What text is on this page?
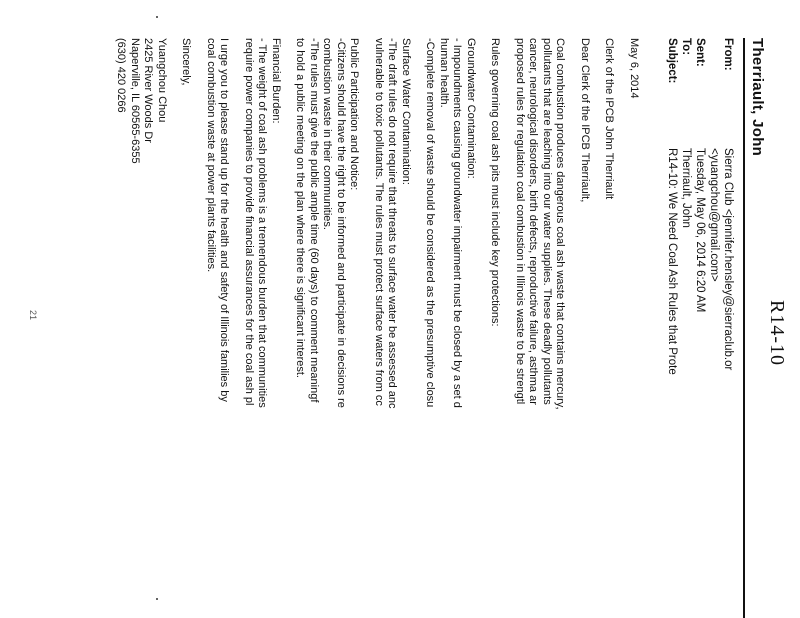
Therriault, John
R14-10
From:Sierra Club <jennifer.hensley@sierraclub.or
<yuangchou@gmail.com>
Sent:Tuesday, May 06, 2014 6:20 AM
To:Therriault, John
Subject:R14-10: We Need Coal Ash Rules that Prote

May 6, 2014

Clerk of the IPCB John Therriault

Dear Clerk of the IPCB Therriault,

Coal combustion produces dangerous coal ash waste that contains mercury,
pollutants that are leaching into our water supplies. These deadly pollutants
cancer, neurological disorders, birth defects, reproductive failure, asthma ar
proposed rules for regulation coal combustion in Illinois waste to be strengtl

Rules governing coal ash pits must include key protections:

Groundwater Contamination:
- Impoundments causing groundwater impairment must be closed by a set d
human health.
-Complete removal of waste should be considered as the presumptive closu

Surface Water Contamination:
-The draft rules do not require that threats to surface water be assessed anc
vulnerable to toxic pollutants. The rules must protect surface waters from cc

Public Participation and Notice:
-Citizens should have the right to be informed and participate in decisions re
combustion waste in their communities.
-The rules must give the public ample time (60 days) to comment meaningf
to hold a public meeting on the plan where there is significant interest.

Financial Burden:
- The weight of coal ash problems is a tremendous burden that communities
require power companies to provide financial assurances for the coal ash pl

I urge you to please stand up for the health and safety of Illinois families by
coal combustion waste at power plants facilities.

Sincerely,

Yuangchou Chou
2425 River Woods Dr
Naperville, IL 60565-6355
(630) 420 0266

21
